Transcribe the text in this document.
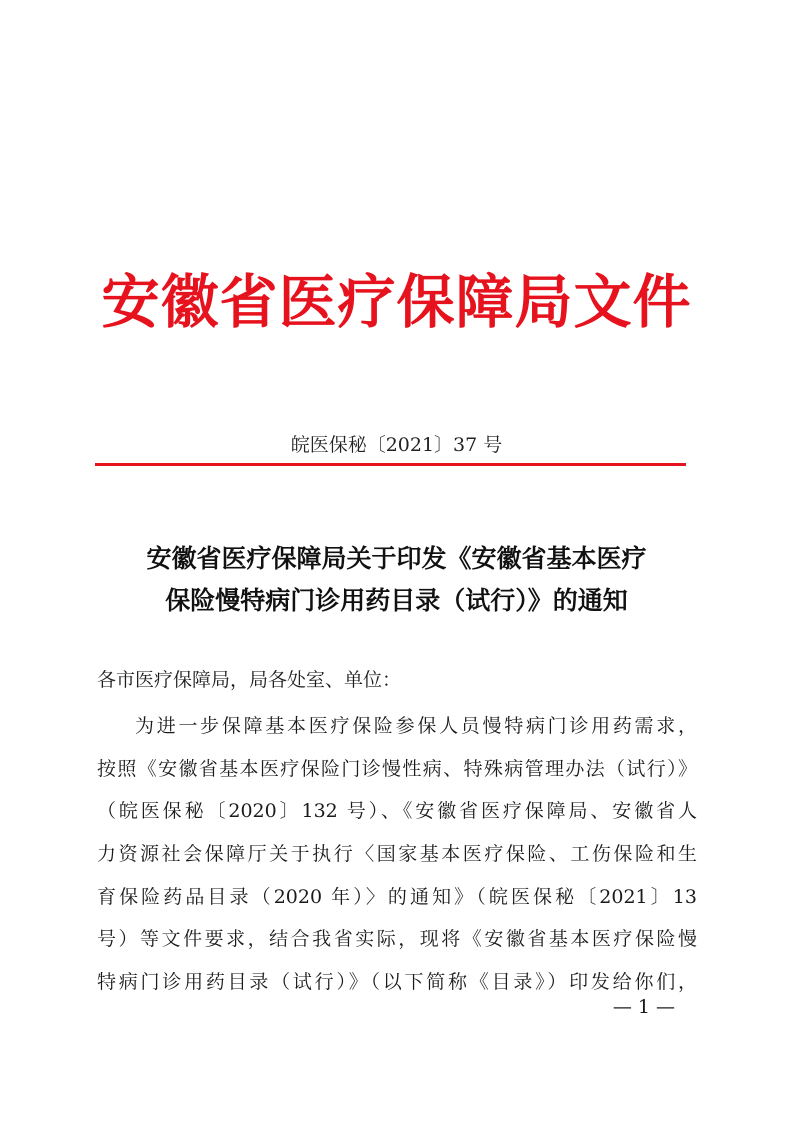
安徽省医疗保障局文件
皖医保秘〔2021〕37 号
安徽省医疗保障局关于印发《安徽省基本医疗
保险慢特病门诊用药目录（试行）》的通知
各市医疗保障局，局各处室、单位：
为进一步保障基本医疗保险参保人员慢特病门诊用药需求，
按照《安徽省基本医疗保险门诊慢性病、特殊病管理办法（试行）》
（皖医保秘〔2020〕132 号）、《安徽省医疗保障局、安徽省人
力资源社会保障厅关于执行〈国家基本医疗保险、工伤保险和生
育保险药品目录（2020 年）〉的通知》（皖医保秘〔2021〕13
号）等文件要求，结合我省实际，现将《安徽省基本医疗保险慢
特病门诊用药目录（试行）》（以下简称《目录》）印发给你们，
— 1 —
